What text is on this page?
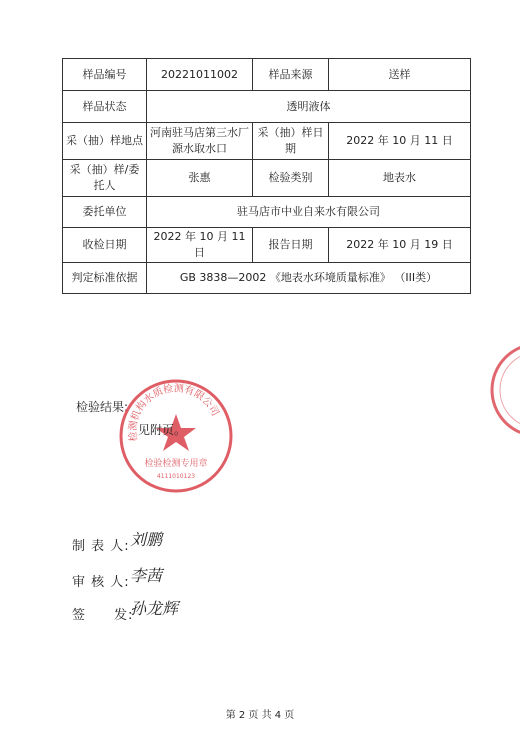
样品编号	20221011002	样品来源	送样
样品状态	透明液体		
采（抽）样地点	河南驻马店第三水厂源水取水口	采（抽）样日期	2022 年 10 月 11 日
采（抽）样/委托人	张惠	检验类别	地表水
委托单位	驻马店市中业自来水有限公司		
收检日期	2022 年 10 月 11 日	报告日期	2022 年 10 月 19 日
判定标准依据	GB 3838—2002 《地表水环境质量标准》 （III类）		
检验结果:
检测机构水质检测有限公司
检验检测专用章
4111010123
见附页。
制 表 人: 刘鹏
审 核 人: 李茜
签　　发:
孙龙辉
第 2 页 共 4 页
